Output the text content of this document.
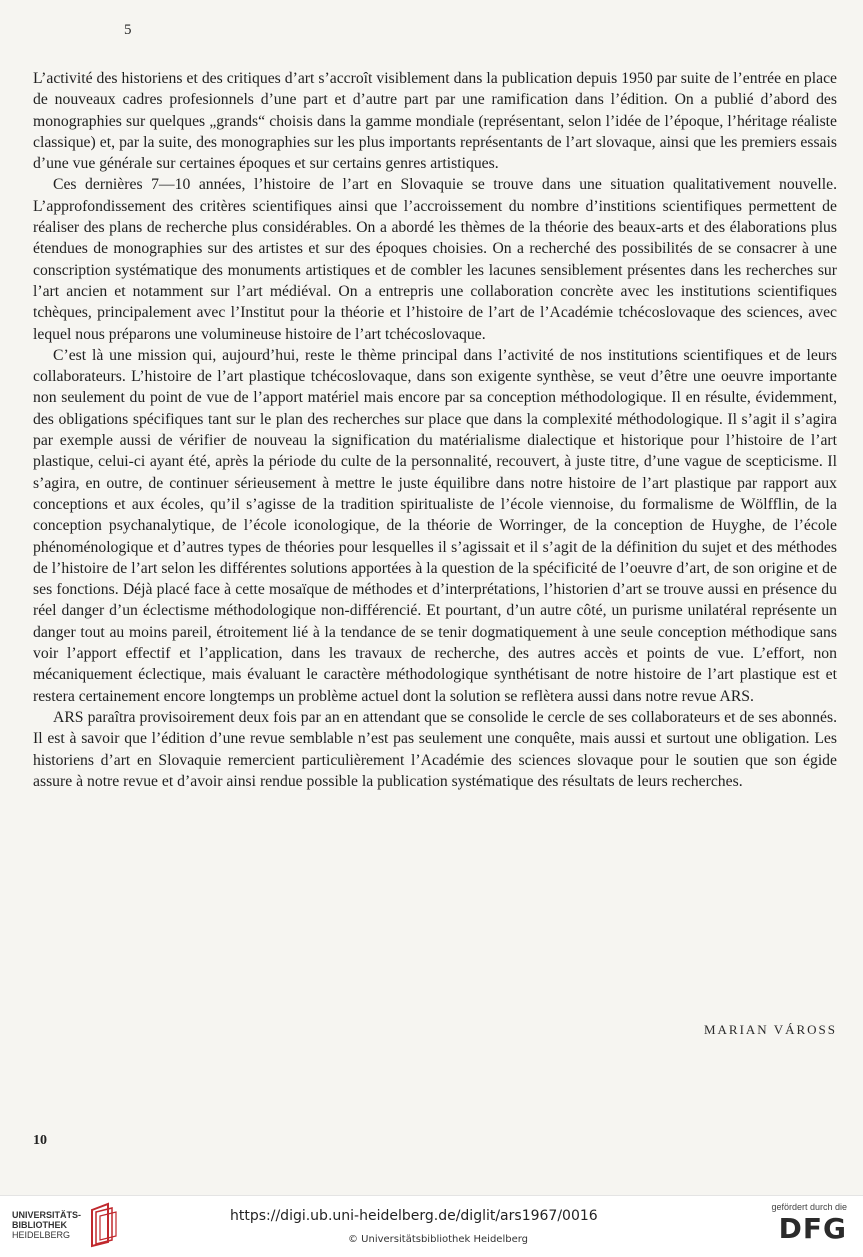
5

L’activité des historiens et des critiques d’art s’accroît visiblement dans la publication depuis 1950 par suite de l’entrée en place de nouveaux cadres profesionnels d’une part et d’autre part par une ramification dans l’édition. On a publié d’abord des monographies sur quelques „grands“ choisis dans la gamme mondiale (représentant, selon l’idée de l’époque, l’héritage réaliste classique) et, par la suite, des monographies sur les plus importants représentants de l’art slovaque, ainsi que les premiers essais d’une vue générale sur certaines époques et sur certains genres artistiques.

Ces dernières 7—10 années, l’histoire de l’art en Slovaquie se trouve dans une situation qualitativement nouvelle. L’approfondissement des critères scientifiques ainsi que l’accroissement du nombre d’institions scientifiques permettent de réaliser des plans de recherche plus considérables. On a abordé les thèmes de la théorie des beaux-arts et des élaborations plus étendues de monographies sur des artistes et sur des époques choisies. On a recherché des possibilités de se consacrer à une conscription systématique des monuments artistiques et de combler les lacunes sensiblement présentes dans les recherches sur l’art ancien et notamment sur l’art médiéval. On a entrepris une collaboration concrète avec les institutions scientifiques tchèques, principalement avec l’Institut pour la théorie et l’histoire de l’art de l’Académie tchécoslovaque des sciences, avec lequel nous préparons une volumineuse histoire de l’art tchécoslovaque.

C’est là une mission qui, aujourd’hui, reste le thème principal dans l’activité de nos institutions scientifiques et de leurs collaborateurs. L’histoire de l’art plastique tchécoslovaque, dans son exigente synthèse, se veut d’être une oeuvre importante non seulement du point de vue de l’apport matériel mais encore par sa conception méthodologique. Il en résulte, évidemment, des obligations spécifiques tant sur le plan des recherches sur place que dans la complexité méthodologique. Il s’agit il s’agira par exemple aussi de vérifier de nouveau la signification du matérialisme dialectique et historique pour l’histoire de l’art plastique, celui-ci ayant été, après la période du culte de la personnalité, recouvert, à juste titre, d’une vague de scepticisme. Il s’agira, en outre, de continuer sérieusement à mettre le juste équilibre dans notre histoire de l’art plastique par rapport aux conceptions et aux écoles, qu’il s’agisse de la tradition spiritualiste de l’école viennoise, du formalisme de Wölfflin, de la conception psychanalytique, de l’école iconologique, de la théorie de Worringer, de la conception de Huyghe, de l’école phénoménologique et d’autres types de théories pour lesquelles il s’agissait et il s’agit de la définition du sujet et des méthodes de l’histoire de l’art selon les différentes solutions apportées à la question de la spécificité de l’oeuvre d’art, de son origine et de ses fonctions. Déjà placé face à cette mosaïque de méthodes et d’interprétations, l’historien d’art se trouve aussi en présence du réel danger d’un éclectisme méthodologique non-différencié. Et pourtant, d’un autre côté, un purisme unilatéral représente un danger tout au moins pareil, étroitement lié à la tendance de se tenir dogmatiquement à une seule conception méthodique sans voir l’apport effectif et l’application, dans les travaux de recherche, des autres accès et points de vue. L’effort, non mécaniquement éclectique, mais évaluant le caractère méthodologique synthétisant de notre histoire de l’art plastique est et restera certainement encore longtemps un problème actuel dont la solution se reflètera aussi dans notre revue ARS.

ARS paraîtra provisoirement deux fois par an en attendant que se consolide le cercle de ses collaborateurs et de ses abonnés. Il est à savoir que l’édition d’une revue semblable n’est pas seulement une conquête, mais aussi et surtout une obligation. Les historiens d’art en Slovaquie remercient particulièrement l’Académie des sciences slovaque pour le soutien que son égide assure à notre revue et d’avoir ainsi rendue possible la publication systématique des résultats de leurs recherches.

MARIAN VÁROSS
10
UNIVERSITÄTS-
BIBLIOTHEK
HEIDELBERG
https://digi.ub.uni-heidelberg.de/diglit/ars1967/0016
© Universitätsbibliothek Heidelberg
gefördert durch die
DFG
